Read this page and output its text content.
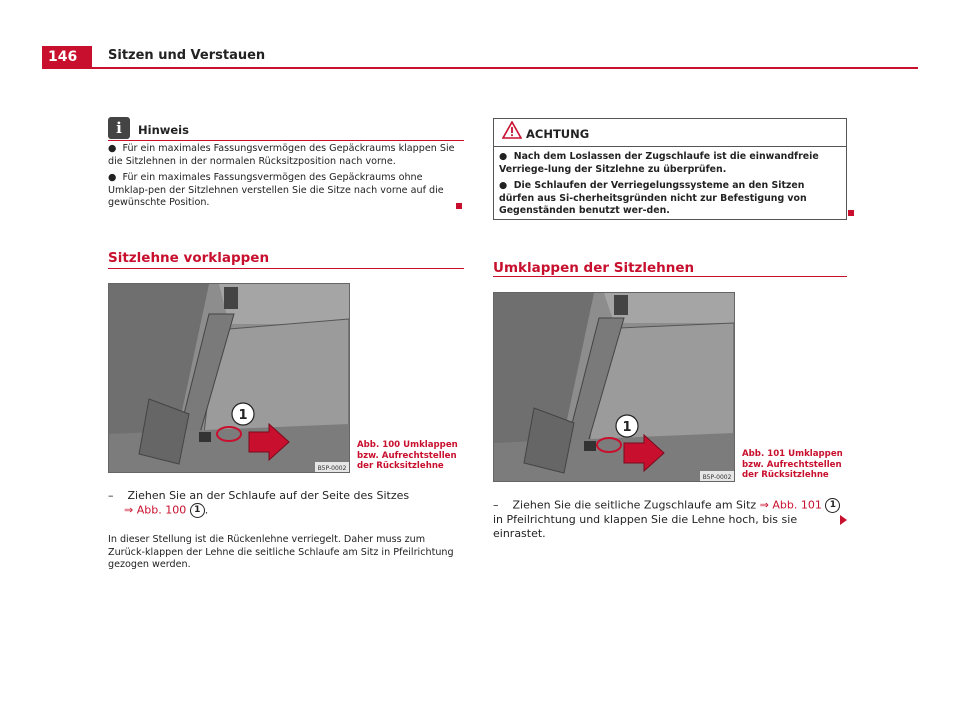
146	Sitzen und Verstauen
i	Hinweis

●  Für ein maximales Fassungsvermögen des Gepäckraums klappen Sie die Sitzlehnen in der normalen Rücksitzposition nach vorne.

●  Für ein maximales Fassungsvermögen des Gepäckraums ohne Umklap-pen der Sitzlehnen verstellen Sie die Sitze nach vorne auf die gewünschte Position.

ACHTUNG

●  Nach dem Loslassen der Zugschlaufe ist die einwandfreie Verriege-lung der Sitzlehne zu überprüfen.

●  Die Schlaufen der Verriegelungssysteme an den Sitzen dürfen aus Si-cherheitsgründen nicht zur Befestigung von Gegenständen benutzt wer-den.

Sitzlehne vorklappen
1
B5P-0002
Abb. 100 Umklappen bzw. Aufrechtstellen der Rücksitzlehne
– Ziehen Sie an der Schlaufe auf der Seite des Sitzes
⇒ Abb. 100 1 .
In dieser Stellung ist die Rückenlehne verriegelt. Daher muss zum Zurück-klappen der Lehne die seitliche Schlaufe am Sitz in Pfeilrichtung gezogen werden.
Umklappen der Sitzlehnen
1
B5P-0002
Abb. 101 Umklappen bzw. Aufrechtstellen der Rücksitzlehne
– Ziehen Sie die seitliche Zugschlaufe am Sitz ⇒ Abb. 101 1 in Pfeilrichtung und klappen Sie die Lehne hoch, bis sie einrastet.
